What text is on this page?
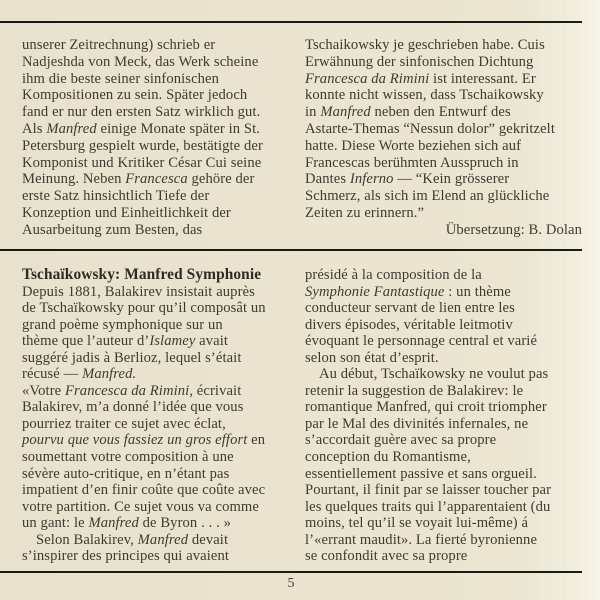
unserer Zeitrechnung) schrieb er
Nadjeshda von Meck, das Werk scheine
ihm die beste seiner sinfonischen
Kompositionen zu sein. Später jedoch
fand er nur den ersten Satz wirklich gut.
Als Manfred einige Monate später in St.
Petersburg gespielt wurde, bestätigte der
Komponist und Kritiker César Cui seine
Meinung. Neben Francesca gehöre der
erste Satz hinsichtlich Tiefe der
Konzeption und Einheitlichkeit der
Ausarbeitung zum Besten, das
Tschaikowsky je geschrieben habe. Cuis
Erwähnung der sinfonischen Dichtung
Francesca da Rimini ist interessant. Er
konnte nicht wissen, dass Tschaikowsky
in Manfred neben den Entwurf des
Astarte-Themas “Nessun dolor” gekritzelt
hatte. Diese Worte beziehen sich auf
Francescas berühmten Ausspruch in
Dantes Inferno — “Kein grösserer
Schmerz, als sich im Elend an glückliche
Zeiten zu erinnern.”
Übersetzung: B. Dolan
Tschaïkowsky: Manfred Symphonie
Depuis 1881, Balakirev insistait auprès
de Tschaïkowsky pour qu’il composât un
grand poème symphonique sur un
thème que l’auteur d’Islamey avait
suggéré jadis à Berlioz, lequel s’était
récusé — Manfred.
«Votre Francesca da Rimini, écrivait
Balakirev, m’a donné l’idée que vous
pourriez traiter ce sujet avec éclat,
pourvu que vous fassiez un gros effort en
soumettant votre composition à une
sévère auto-critique, en n’étant pas
impatient d’en finir coûte que coûte avec
votre partition. Ce sujet vous va comme
un gant: le Manfred de Byron . . . »
Selon Balakirev, Manfred devait
s’inspirer des principes qui avaient
présidé à la composition de la
Symphonie Fantastique : un thème
conducteur servant de lien entre les
divers épisodes, véritable leitmotiv
évoquant le personnage central et varié
selon son état d’esprit.
Au début, Tschaïkowsky ne voulut pas
retenir la suggestion de Balakirev: le
romantique Manfred, qui croit triompher
par le Mal des divinités infernales, ne
s’accordait guère avec sa propre
conception du Romantisme,
essentiellement passive et sans orgueil.
Pourtant, il finit par se laisser toucher par
les quelques traits qui l’apparentaient (du
moins, tel qu’il se voyait lui-même) á
l’«errant maudit». La fierté byronienne
se confondit avec sa propre
5
